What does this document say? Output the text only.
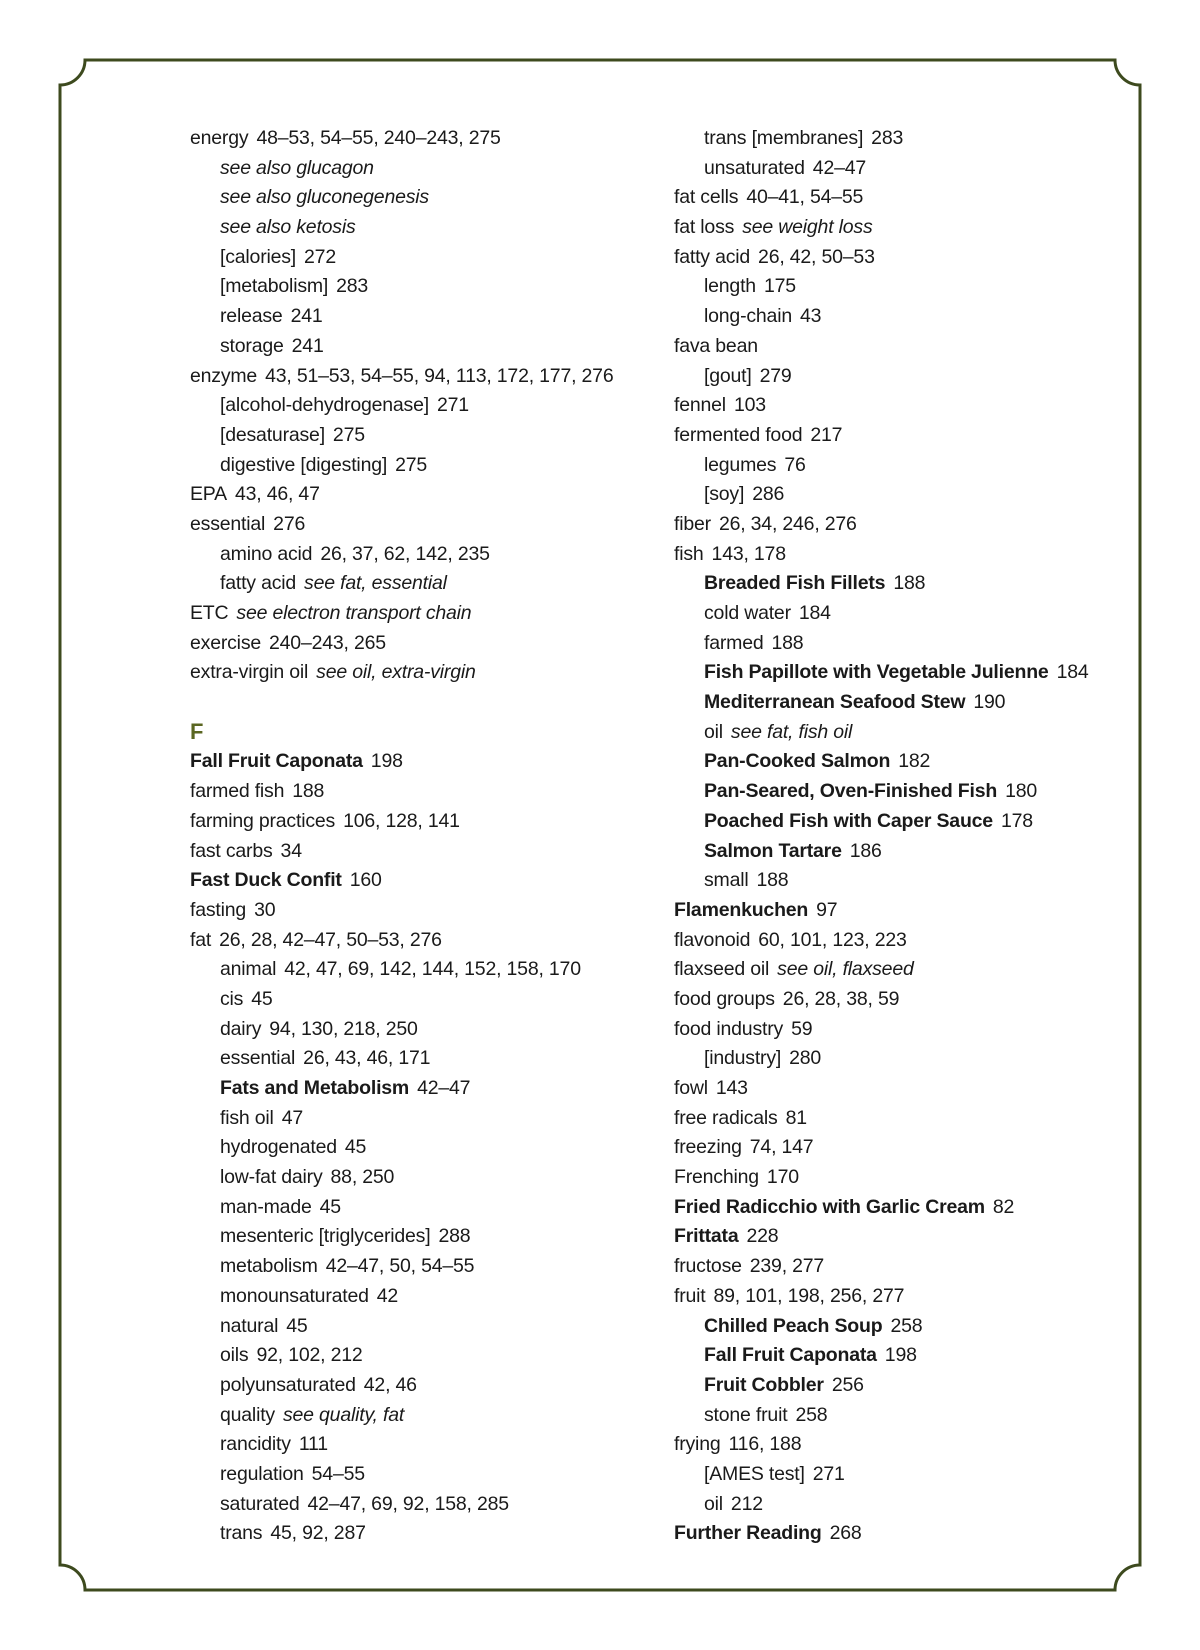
energy 48–53, 54–55, 240–243, 275
see also glucagon
see also gluconegenesis
see also ketosis
[calories] 272
[metabolism] 283
release 241
storage 241
enzyme 43, 51–53, 54–55, 94, 113, 172, 177, 276
[alcohol-dehydrogenase] 271
[desaturase] 275
digestive [digesting] 275
EPA 43, 46, 47
essential 276
amino acid 26, 37, 62, 142, 235
fatty acid see fat, essential
ETC see electron transport chain
exercise 240–243, 265
extra-virgin oil see oil, extra-virgin
F
Fall Fruit Caponata 198
farmed fish 188
farming practices 106, 128, 141
fast carbs 34
Fast Duck Confit 160
fasting 30
fat 26, 28, 42–47, 50–53, 276
animal 42, 47, 69, 142, 144, 152, 158, 170
cis 45
dairy 94, 130, 218, 250
essential 26, 43, 46, 171
Fats and Metabolism 42–47
fish oil 47
hydrogenated 45
low-fat dairy 88, 250
man-made 45
mesenteric [triglycerides] 288
metabolism 42–47, 50, 54–55
monounsaturated 42
natural 45
oils 92, 102, 212
polyunsaturated 42, 46
quality see quality, fat
rancidity 111
regulation 54–55
saturated 42–47, 69, 92, 158, 285
trans 45, 92, 287
trans [membranes] 283
unsaturated 42–47
fat cells 40–41, 54–55
fat loss see weight loss
fatty acid 26, 42, 50–53
length 175
long-chain 43
fava bean
[gout] 279
fennel 103
fermented food 217
legumes 76
[soy] 286
fiber 26, 34, 246, 276
fish 143, 178
Breaded Fish Fillets 188
cold water 184
farmed 188
Fish Papillote with Vegetable Julienne 184
Mediterranean Seafood Stew 190
oil see fat, fish oil
Pan-Cooked Salmon 182
Pan-Seared, Oven-Finished Fish 180
Poached Fish with Caper Sauce 178
Salmon Tartare 186
small 188
Flamenkuchen 97
flavonoid 60, 101, 123, 223
flaxseed oil see oil, flaxseed
food groups 26, 28, 38, 59
food industry 59
[industry] 280
fowl 143
free radicals 81
freezing 74, 147
Frenching 170
Fried Radicchio with Garlic Cream 82
Frittata 228
fructose 239, 277
fruit 89, 101, 198, 256, 277
Chilled Peach Soup 258
Fall Fruit Caponata 198
Fruit Cobbler 256
stone fruit 258
frying 116, 188
[AMES test] 271
oil 212
Further Reading 268
